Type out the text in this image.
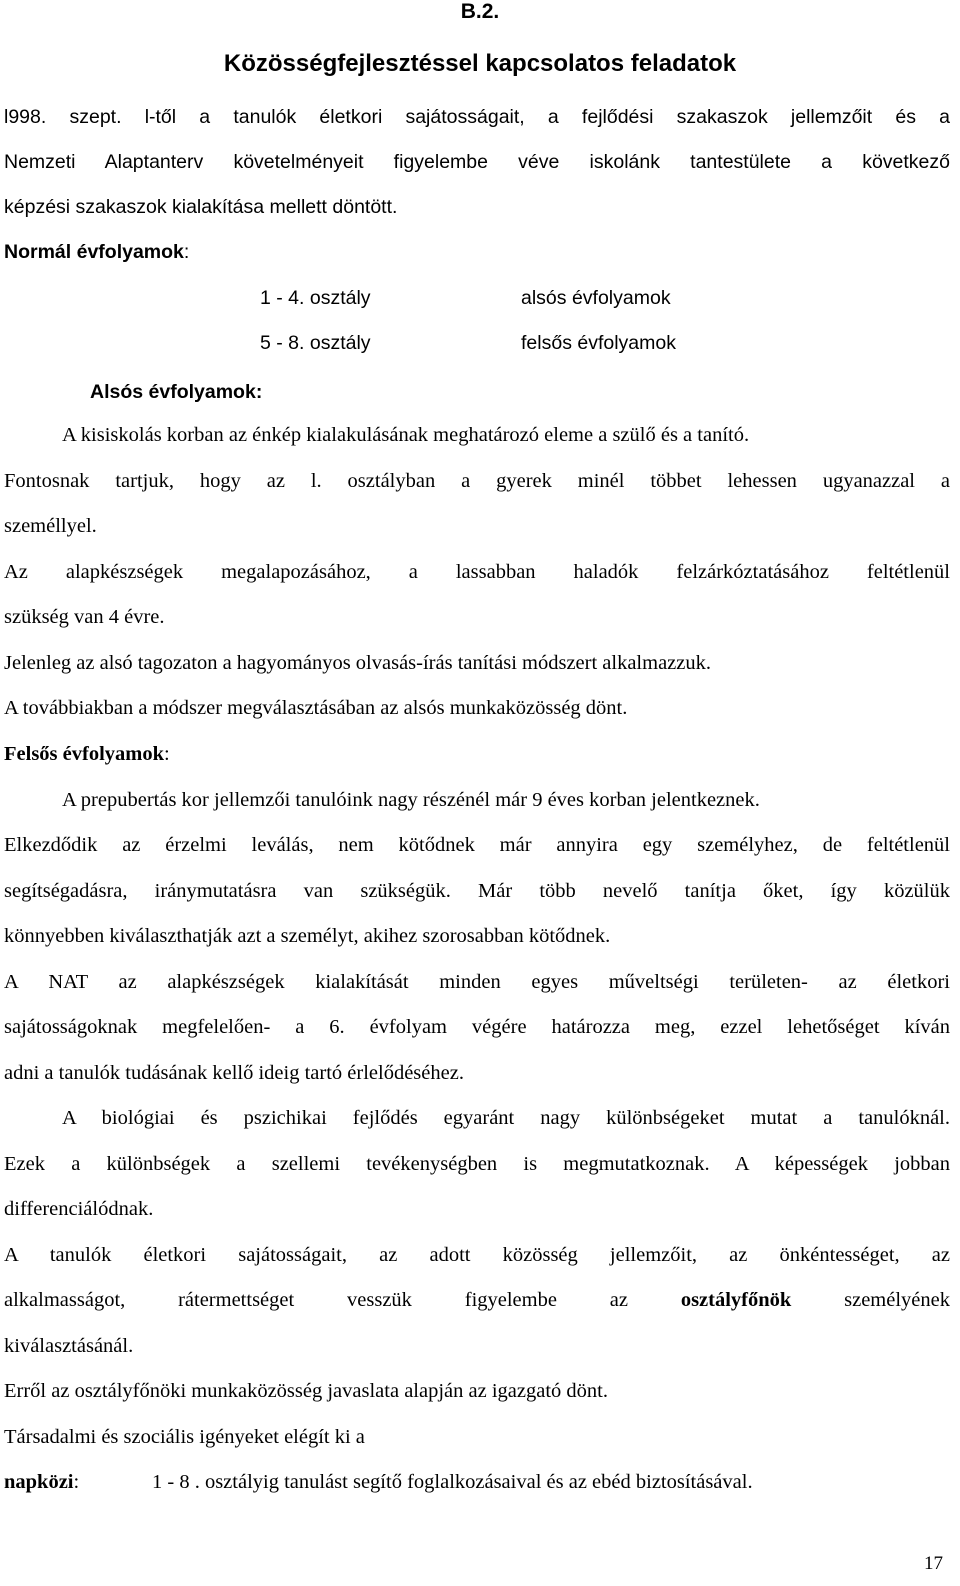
B.2.
Közösségfejlesztéssel kapcsolatos feladatok
l998. szept. l-től a tanulók életkori sajátosságait, a fejlődési szakaszok jellemzőit és a
Nemzeti Alaptanterv követelményeit figyelembe véve iskolánk tantestülete a következő
képzési szakaszok kialakítása mellett döntött.
Normál évfolyamok:
1 - 4. osztály	alsós évfolyamok
5 - 8. osztály	felsős évfolyamok
Alsós évfolyamok:
A kisiskolás korban az énkép kialakulásának meghatározó eleme a szülő és a tanító.
Fontosnak tartjuk, hogy az l. osztályban a gyerek minél többet lehessen ugyanazzal a
személlyel.
Az alapkészségek megalapozásához, a lassabban haladók felzárkóztatásához feltétlenül
szükség van 4 évre.
Jelenleg az alsó tagozaton a hagyományos olvasás-írás tanítási módszert alkalmazzuk.
A továbbiakban a módszer megválasztásában az alsós munkaközösség dönt.
Felsős évfolyamok:
A prepubertás kor jellemzői tanulóink nagy részénél már 9 éves korban jelentkeznek.
Elkezdődik az érzelmi leválás, nem kötődnek már annyira egy személyhez, de feltétlenül
segítségadásra, iránymutatásra van szükségük. Már több nevelő tanítja őket, így közülük
könnyebben kiválaszthatják azt a személyt, akihez szorosabban kötődnek.
A NAT az alapkészségek kialakítását minden egyes műveltségi területen- az életkori
sajátosságoknak megfelelően- a 6. évfolyam végére határozza meg, ezzel lehetőséget kíván
adni a tanulók tudásának kellő ideig tartó érlelődéséhez.
A biológiai és pszichikai fejlődés egyaránt nagy különbségeket mutat a tanulóknál.
Ezek a különbségek a szellemi tevékenységben is megmutatkoznak. A képességek jobban
differenciálódnak.
A tanulók életkori sajátosságait, az adott közösség jellemzőit, az önkéntességet, az
alkalmasságot, rátermettséget vesszük figyelembe az	osztályfőnök	személyének
kiválasztásánál.
Erről az osztályfőnöki munkaközösség javaslata alapján az igazgató dönt.
Társadalmi és szociális igényeket elégít ki a
napközi:	1 - 8 . osztályig tanulást segítő foglalkozásaival és az ebéd biztosításával.
17
